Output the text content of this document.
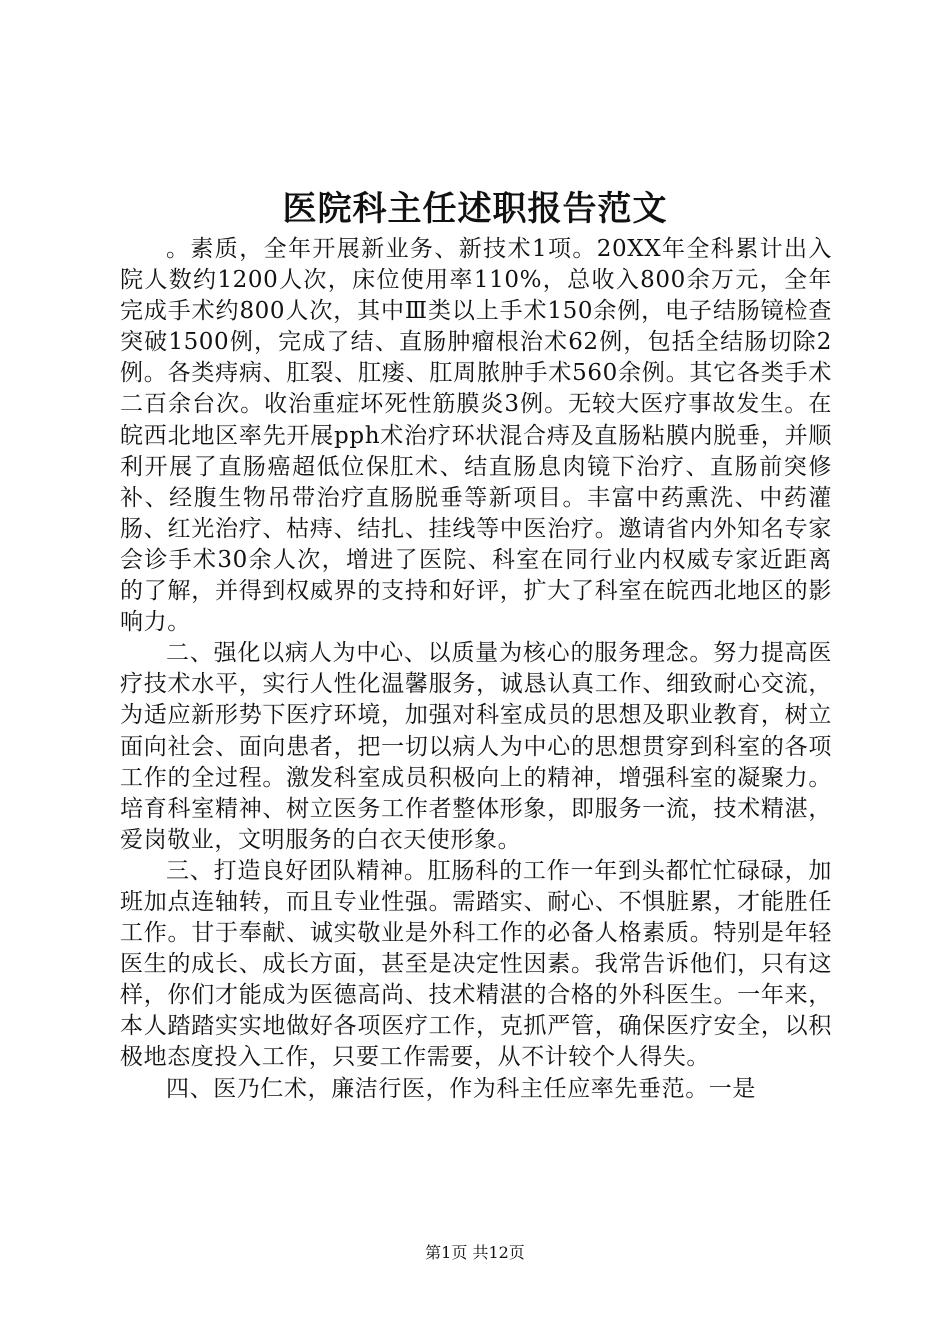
医院科主任述职报告范文

。素质，全年开展新业务、新技术1项。20XX年全科累计出入院人数约1200人次，床位使用率110%，总收入800余万元，全年完成手术约800人次，其中Ⅲ类以上手术150余例，电子结肠镜检查突破1500例，完成了结、直肠肿瘤根治术62例，包括全结肠切除2例。各类痔病、肛裂、肛瘘、肛周脓肿手术560余例。其它各类手术二百余台次。收治重症坏死性筋膜炎3例。无较大医疗事故发生。在皖西北地区率先开展pph术治疗环状混合痔及直肠粘膜内脱垂，并顺利开展了直肠癌超低位保肛术、结直肠息肉镜下治疗、直肠前突修补、经腹生物吊带治疗直肠脱垂等新项目。丰富中药熏洗、中药灌肠、红光治疗、枯痔、结扎、挂线等中医治疗。邀请省内外知名专家会诊手术30余人次，增进了医院、科室在同行业内权威专家近距离的了解，并得到权威界的支持和好评，扩大了科室在皖西北地区的影响力。

二、强化以病人为中心、以质量为核心的服务理念。努力提高医疗技术水平，实行人性化温馨服务，诚恳认真工作、细致耐心交流，为适应新形势下医疗环境，加强对科室成员的思想及职业教育，树立面向社会、面向患者，把一切以病人为中心的思想贯穿到科室的各项工作的全过程。激发科室成员积极向上的精神，增强科室的凝聚力。培育科室精神、树立医务工作者整体形象，即服务一流，技术精湛，爱岗敬业，文明服务的白衣天使形象。

三、打造良好团队精神。肛肠科的工作一年到头都忙忙碌碌，加班加点连轴转，而且专业性强。需踏实、耐心、不惧脏累，才能胜任工作。甘于奉献、诚实敬业是外科工作的必备人格素质。特别是年轻医生的成长、成长方面，甚至是决定性因素。我常告诉他们，只有这样，你们才能成为医德高尚、技术精湛的合格的外科医生。一年来，本人踏踏实实地做好各项医疗工作，克抓严管，确保医疗安全，以积极地态度投入工作，只要工作需要，从不计较个人得失。

四、医乃仁术，廉洁行医，作为科主任应率先垂范。一是

第1页 共12页
